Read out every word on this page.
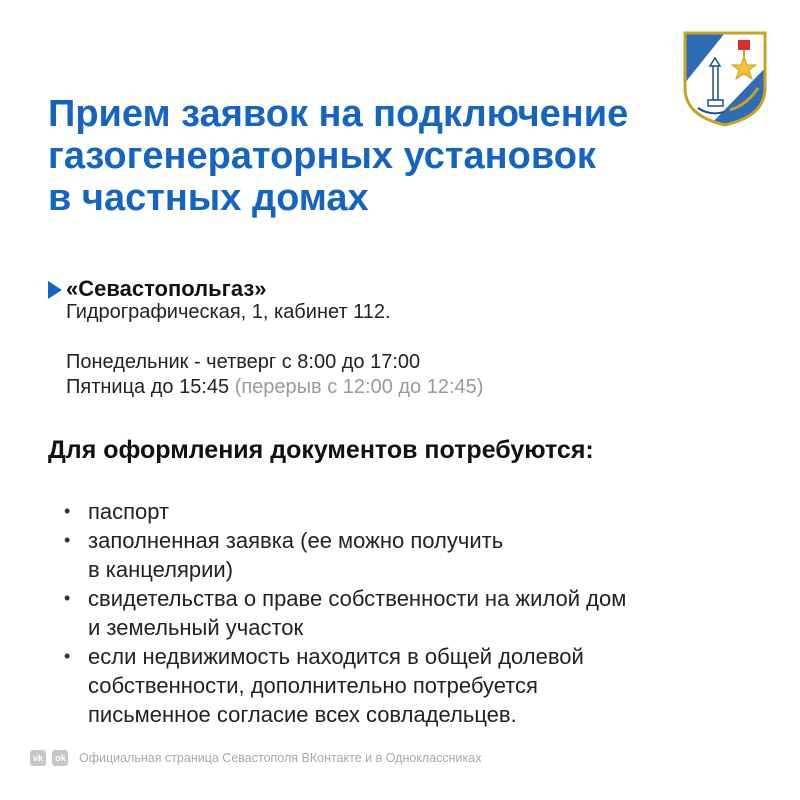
Прием заявок на подключение
газогенераторных установок
в частных домах
«Севастопольгаз»
Гидрографическая, 1, кабинет 112.
Понедельник - четверг с 8:00 до 17:00
Пятница до 15:45 (перерыв с 12:00 до 12:45)
Для оформления документов потребуются:
• паспорт
• заполненная заявка (ее можно получить
в канцелярии)
• свидетельства о праве собственности на жилой дом
и земельный участок
• если недвижимость находится в общей долевой
собственности, дополнительно потребуется
письменное согласие всех совладельцев.
vk ok Официальная страница Севастополя ВКонтакте и в Одноклассниках
